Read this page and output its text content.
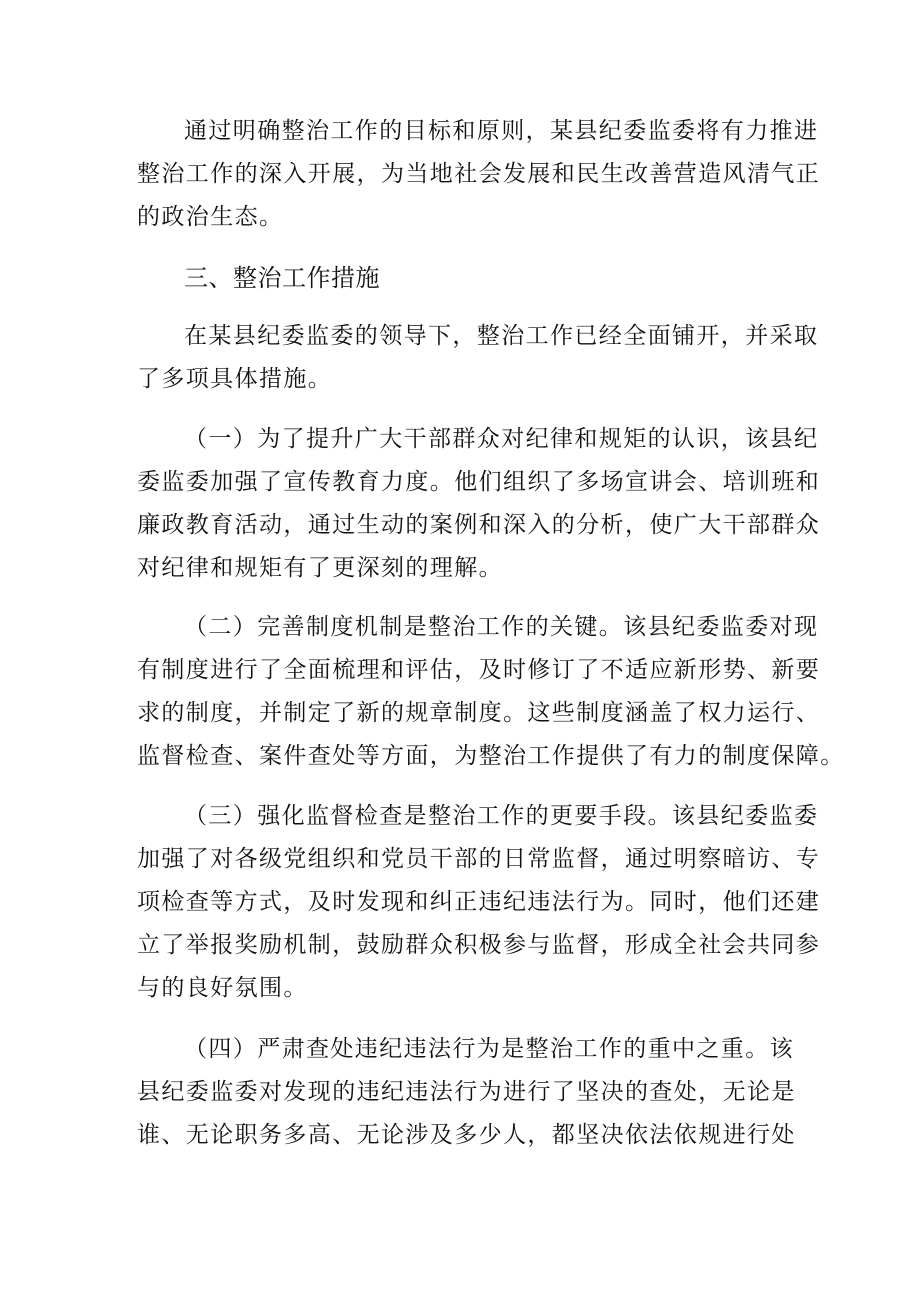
通过明确整治工作的目标和原则，某县纪委监委将有力推进
整治工作的深入开展，为当地社会发展和民生改善营造风清气正
的政治生态。
三、整治工作措施
在某县纪委监委的领导下，整治工作已经全面铺开，并采取
了多项具体措施。
（一）为了提升广大干部群众对纪律和规矩的认识，该县纪
委监委加强了宣传教育力度。他们组织了多场宣讲会、培训班和
廉政教育活动，通过生动的案例和深入的分析，使广大干部群众
对纪律和规矩有了更深刻的理解。
（二）完善制度机制是整治工作的关键。该县纪委监委对现
有制度进行了全面梳理和评估，及时修订了不适应新形势、新要
求的制度，并制定了新的规章制度。这些制度涵盖了权力运行、
监督检查、案件查处等方面，为整治工作提供了有力的制度保障。
（三）强化监督检查是整治工作的更要手段。该县纪委监委
加强了对各级党组织和党员干部的日常监督，通过明察暗访、专
项检查等方式，及时发现和纠正违纪违法行为。同时，他们还建
立了举报奖励机制，鼓励群众积极参与监督，形成全社会共同参
与的良好氛围。
（四）严肃查处违纪违法行为是整治工作的重中之重。该
县纪委监委对发现的违纪违法行为进行了坚决的查处，无论是
谁、无论职务多高、无论涉及多少人，都坚决依法依规进行处
